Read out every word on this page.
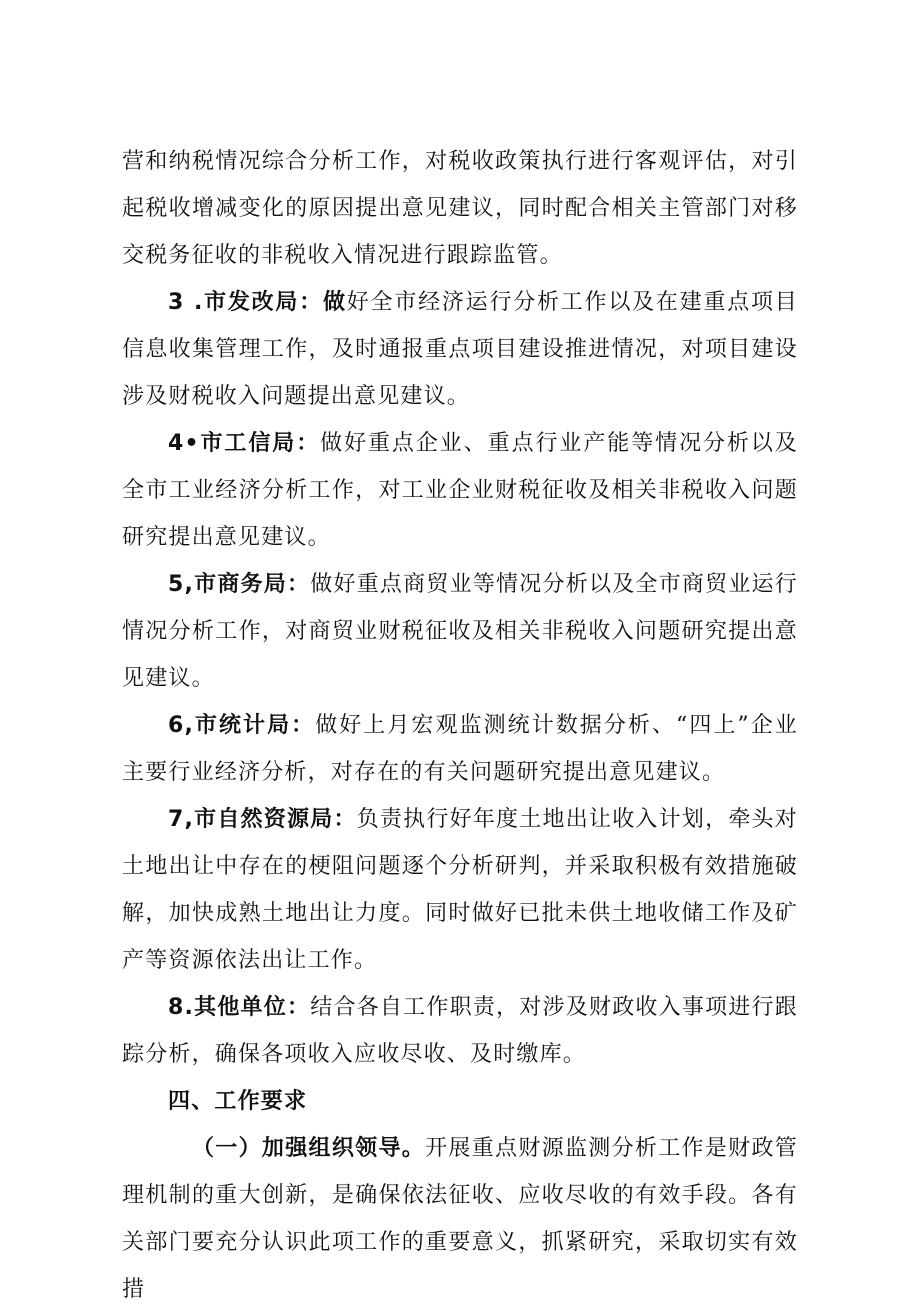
营和纳税情况综合分析工作，对税收政策执行进行客观评估，对引起税收增减变化的原因提出意见建议，同时配合相关主管部门对移交税务征收的非税收入情况进行跟踪监管。

3 .市发改局：做好全市经济运行分析工作以及在建重点项目信息收集管理工作，及时通报重点项目建设推进情况，对项目建设涉及财税收入问题提出意见建议。

4•市工信局：做好重点企业、重点行业产能等情况分析以及全市工业经济分析工作，对工业企业财税征收及相关非税收入问题研究提出意见建议。

5,市商务局：做好重点商贸业等情况分析以及全市商贸业运行情况分析工作，对商贸业财税征收及相关非税收入问题研究提出意见建议。

6,市统计局：做好上月宏观监测统计数据分析、“四上”企业主要行业经济分析，对存在的有关问题研究提出意见建议。

7,市自然资源局：负责执行好年度土地出让收入计划，牵头对土地出让中存在的梗阻问题逐个分析研判，并采取积极有效措施破解，加快成熟土地出让力度。同时做好已批未供土地收储工作及矿产等资源依法出让工作。

8.其他单位：结合各自工作职责，对涉及财政收入事项进行跟踪分析，确保各项收入应收尽收、及时缴库。

四、工作要求

（一）加强组织领导。开展重点财源监测分析工作是财政管理机制的重大创新，是确保依法征收、应收尽收的有效手段。各有关部门要充分认识此项工作的重要意义，抓紧研究，采取切实有效措
